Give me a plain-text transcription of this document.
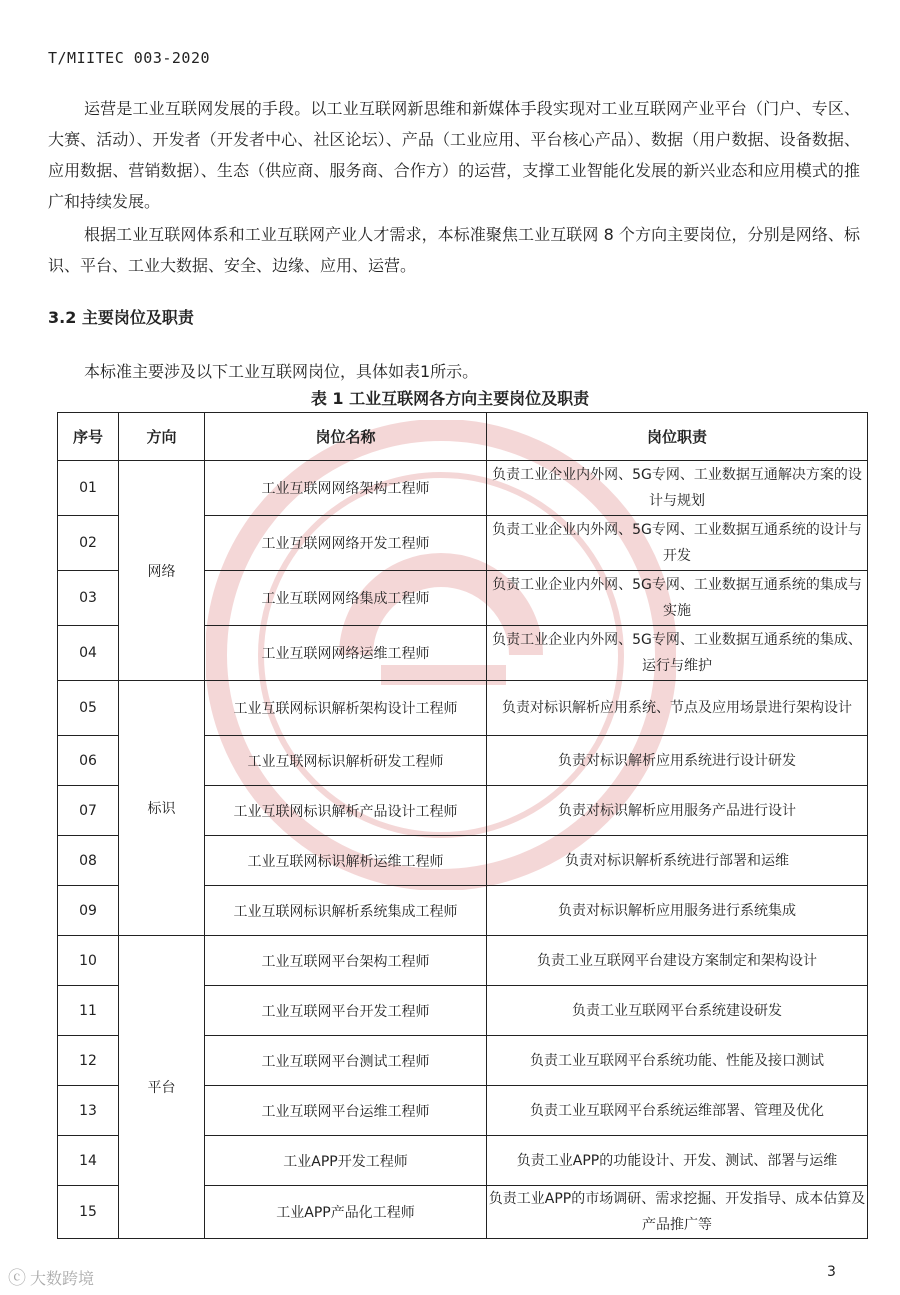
T/MIITEC 003-2020

运营是工业互联网发展的手段。以工业互联网新思维和新媒体手段实现对工业互联网产业平台（门户、专区、大赛、活动）、开发者（开发者中心、社区论坛）、产品（工业应用、平台核心产品）、数据（用户数据、设备数据、应用数据、营销数据）、生态（供应商、服务商、合作方）的运营，支撑工业智能化发展的新兴业态和应用模式的推广和持续发展。

根据工业互联网体系和工业互联网产业人才需求，本标准聚焦工业互联网 8 个方向主要岗位，分别是网络、标识、平台、工业大数据、安全、边缘、应用、运营。

3.2 主要岗位及职责
本标准主要涉及以下工业互联网岗位，具体如表1所示。
表 1 工业互联网各方向主要岗位及职责
序号	方向	岗位名称	岗位职责
01	网络	工业互联网网络架构工程师	负责工业企业内外网、5G专网、工业数据互通解决方案的设计与规划
02		工业互联网网络开发工程师	负责工业企业内外网、5G专网、工业数据互通系统的设计与开发
03		工业互联网网络集成工程师	负责工业企业内外网、5G专网、工业数据互通系统的集成与实施
04		工业互联网网络运维工程师	负责工业企业内外网、5G专网、工业数据互通系统的集成、运行与维护
05	标识	工业互联网标识解析架构设计工程师	负责对标识解析应用系统、节点及应用场景进行架构设计
06		工业互联网标识解析研发工程师	负责对标识解析应用系统进行设计研发
07		工业互联网标识解析产品设计工程师	负责对标识解析应用服务产品进行设计
08		工业互联网标识解析运维工程师	负责对标识解析系统进行部署和运维
09		工业互联网标识解析系统集成工程师	负责对标识解析应用服务进行系统集成
10	平台	工业互联网平台架构工程师	负责工业互联网平台建设方案制定和架构设计
11		工业互联网平台开发工程师	负责工业互联网平台系统建设研发
12		工业互联网平台测试工程师	负责工业互联网平台系统功能、性能及接口测试
13		工业互联网平台运维工程师	负责工业互联网平台系统运维部署、管理及优化
14		工业APP开发工程师	负责工业APP的功能设计、开发、测试、部署与运维
15		工业APP产品化工程师	负责工业APP的市场调研、需求挖掘、开发指导、成本估算及产品推广等
ⓒ 大数跨境	3
